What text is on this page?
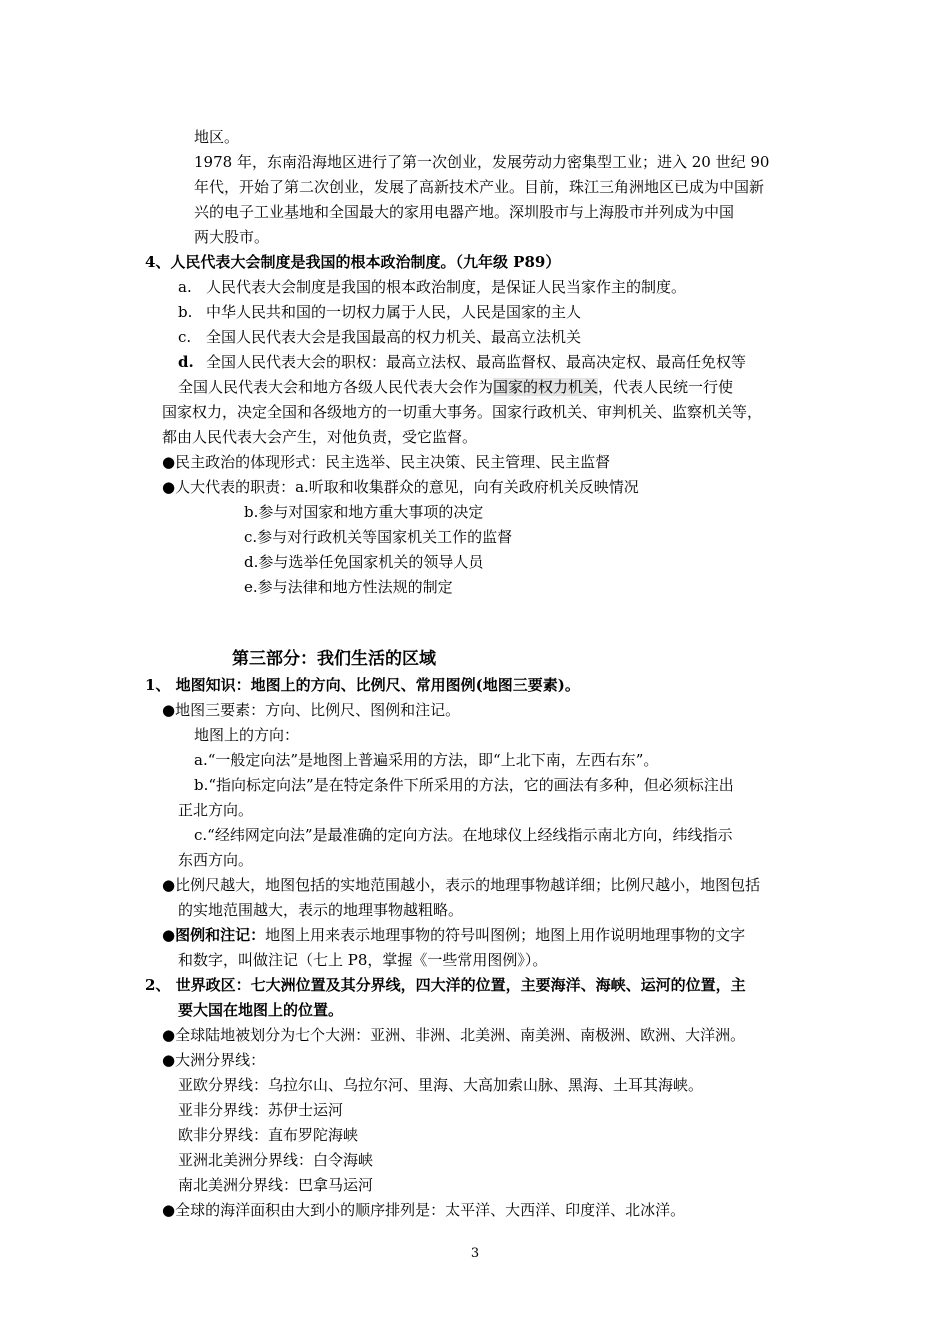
地区。
1978 年，东南沿海地区进行了第一次创业，发展劳动力密集型工业；进入 20 世纪 90
年代，开始了第二次创业，发展了高新技术产业。目前，珠江三角洲地区已成为中国新
兴的电子工业基地和全国最大的家用电器产地。深圳股市与上海股市并列成为中国
两大股市。
4、人民代表大会制度是我国的根本政治制度。（九年级 P89）
a. 人民代表大会制度是我国的根本政治制度，是保证人民当家作主的制度。
b. 中华人民共和国的一切权力属于人民，人民是国家的主人
c. 全国人民代表大会是我国最高的权力机关、最高立法机关
d. 全国人民代表大会的职权：最高立法权、最高监督权、最高决定权、最高任免权等
全国人民代表大会和地方各级人民代表大会作为国家的权力机关，代表人民统一行使
国家权力，决定全国和各级地方的一切重大事务。国家行政机关、审判机关、监察机关等，
都由人民代表大会产生，对他负责，受它监督。
●民主政治的体现形式：民主选举、民主决策、民主管理、民主监督
●人大代表的职责：a.听取和收集群众的意见，向有关政府机关反映情况
b.参与对国家和地方重大事项的决定
c.参与对行政机关等国家机关工作的监督
d.参与选举任免国家机关的领导人员
e.参与法律和地方性法规的制定
第三部分：我们生活的区域
1、 地图知识：地图上的方向、比例尺、常用图例(地图三要素)。
●地图三要素：方向、比例尺、图例和注记。
地图上的方向：
a.“一般定向法”是地图上普遍采用的方法，即“上北下南，左西右东”。
b.“指向标定向法”是在特定条件下所采用的方法，它的画法有多种，但必须标注出
正北方向。
c.“经纬网定向法”是最准确的定向方法。在地球仪上经线指示南北方向，纬线指示
东西方向。
●比例尺越大，地图包括的实地范围越小，表示的地理事物越详细；比例尺越小，地图包括
的实地范围越大，表示的地理事物越粗略。
●图例和注记：地图上用来表示地理事物的符号叫图例；地图上用作说明地理事物的文字
和数字，叫做注记（七上 P8，掌握《一些常用图例》）。
2、 世界政区：七大洲位置及其分界线，四大洋的位置，主要海洋、海峡、运河的位置，主
要大国在地图上的位置。
●全球陆地被划分为七个大洲：亚洲、非洲、北美洲、南美洲、南极洲、欧洲、大洋洲。
●大洲分界线：
亚欧分界线：乌拉尔山、乌拉尔河、里海、大高加索山脉、黑海、土耳其海峡。
亚非分界线：苏伊士运河
欧非分界线：直布罗陀海峡
亚洲北美洲分界线：白令海峡
南北美洲分界线：巴拿马运河
●全球的海洋面积由大到小的顺序排列是：太平洋、大西洋、印度洋、北冰洋。
3
